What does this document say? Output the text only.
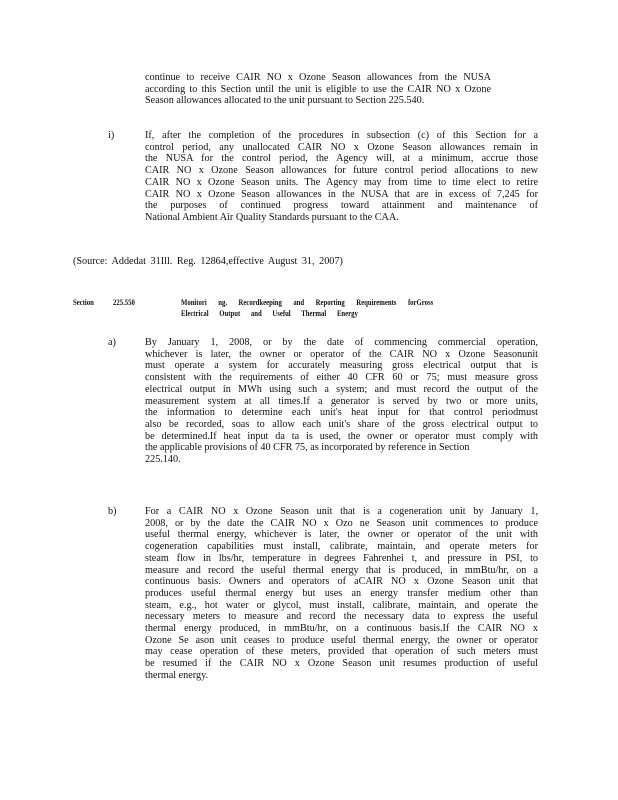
continue to receive CAIR NO x Ozone Season allowances from the NUSA
according to this Section until the unit is eligible to use the CAIR NO x Ozone
Season allowances allocated to the unit pursuant to Section 225.540.
i)	If, after the completion of the procedures in subsection (c) of this Section for a
control period, any unallocated CAIR NO x Ozone Season allowances remain in
the NUSA for the control period, the Agency will, at a minimum, accrue those
CAIR NO x Ozone Season allowances for future control period allocations to new
CAIR NO x Ozone Season units. The Agency may from time to time elect to retire
CAIR NO x Ozone Season allowances in the NUSA that are in excess of 7,245 for
the purposes of continued progress toward attainment and maintenance of
National Ambient Air Quality Standards pursuant to the CAA.
(Source: Addedat 31Ill. Reg. 12864,effective August 31, 2007)
Section 225.550	Monitori ng, Recordkeeping and Reporting Requirements forGross
Electrical Output and Useful Thermal Energy
a)	By January 1, 2008, or by the date of commencing commercial operation,
whichever is later, the owner or operator of the CAIR NO x Ozone Seasonunit
must operate a system for accurately measuring gross electrical output that is
consistent with the requirements of either 40 CFR 60 or 75; must measure gross
electrical output in MWh using such a system; and must record the output of the
measurement system at all times.If a generator is served by two or more units,
the information to determine each unit's heat input for that control periodmust
also be recorded, soas to allow each unit's share of the gross electrical output to
be determined.If heat input da ta is used, the owner or operator must comply with
the applicable provisions of 40 CFR 75, as incorporated by reference in Section
225.140.
b)	For a CAIR NO x Ozone Season unit that is a cogeneration unit by January 1,
2008, or by the date the CAIR NO x Ozo ne Season unit commences to produce
useful thermal energy, whichever is later, the owner or operator of the unit with
cogeneration capabilities must install, calibrate, maintain, and operate meters for
steam flow in lbs/hr, temperature in degrees Fahrenhei t, and pressure in PSI, to
measure and record the useful thermal energy that is produced, in mmBtu/hr, on a
continuous basis. Owners and operators of aCAIR NO x Ozone Season unit that
produces useful thermal energy but uses an energy transfer medium other than
steam, e.g., hot water or glycol, must install, calibrate, maintain, and operate the
necessary meters to measure and record the necessary data to express the useful
thermal energy produced, in mmBtu/hr, on a continuous basis.If the CAIR NO x
Ozone Se ason unit ceases to produce useful thermal energy, the owner or operator
may cease operation of these meters, provided that operation of such meters must
be resumed if the CAIR NO x Ozone Season unit resumes production of useful
thermal energy.
